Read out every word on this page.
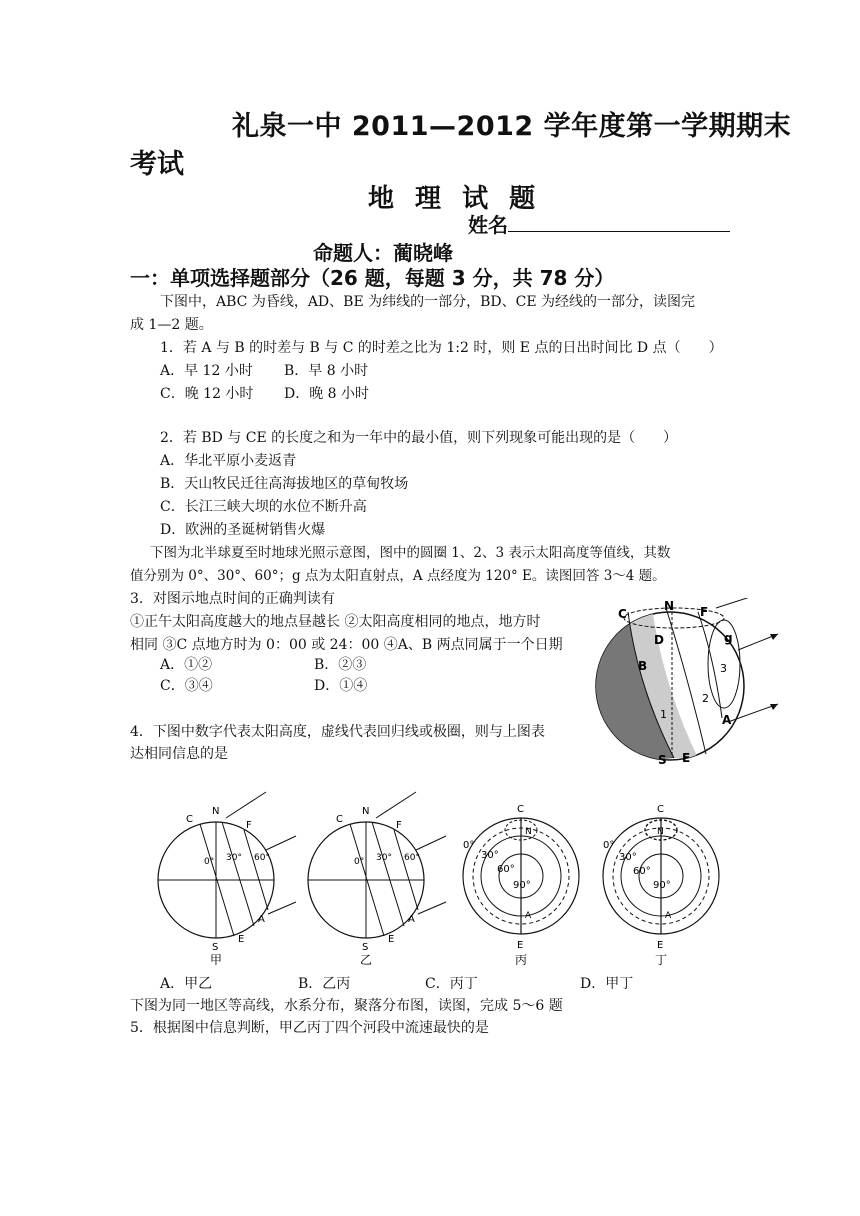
礼泉一中 2011—2012 学年度第一学期期末
考试
地 理 试 题
姓名
命题人：蔺晓峰
一：单项选择题部分（26 题，每题 3 分，共 78 分）
下图中，ABC 为昏线，AD、BE 为纬线的一部分，BD、CE 为经线的一部分，读图完
成 1—2 题。
1．若 A 与 B 的时差与 B 与 C 的时差之比为 1:2 时，则 E 点的日出时间比 D 点（　　）
A．早 12 小时 B．早 8 小时
C．晚 12 小时 D．晚 8 小时
2．若 BD 与 CE 的长度之和为一年中的最小值，则下列现象可能出现的是（　　）
A．华北平原小麦返青
B．天山牧民迁往高海拔地区的草甸牧场
C．长江三峡大坝的水位不断升高
D．欧洲的圣诞树销售火爆
下图为北半球夏至时地球光照示意图，图中的圆圈 1、2、3 表示太阳高度等值线，其数
值分别为 0°、30°、60°；g 点为太阳直射点，A 点经度为 120° E。读图回答 3～4 题。
3．对图示地点时间的正确判读有
①正午太阳高度越大的地点昼越长 ②太阳高度相同的地点，地方时
相同 ③C 点地方时为 0：00 或 24：00 ④A、B 两点同属于一个日期
A．①②	B．②③
C．③④	D．①④
4．下图中数字代表太阳高度，虚线代表回归线或极圈，则与上图表
达相同信息的是
C
N F
D	g
B
1
2
3
A
S E
C
N
F
0° 30° 60°
A
S
E
甲
C
N
F
0° 30° 60°
A
S
E
乙
C
N
0°
30°
60°
90°
A
E
丙
C
N
0°
30°
60°
90°
A
E
丁
A．甲乙	B．乙丙	C．丙丁	D．甲丁
下图为同一地区等高线，水系分布，聚落分布图，读图，完成 5～6 题
5．根据图中信息判断，甲乙丙丁四个河段中流速最快的是
